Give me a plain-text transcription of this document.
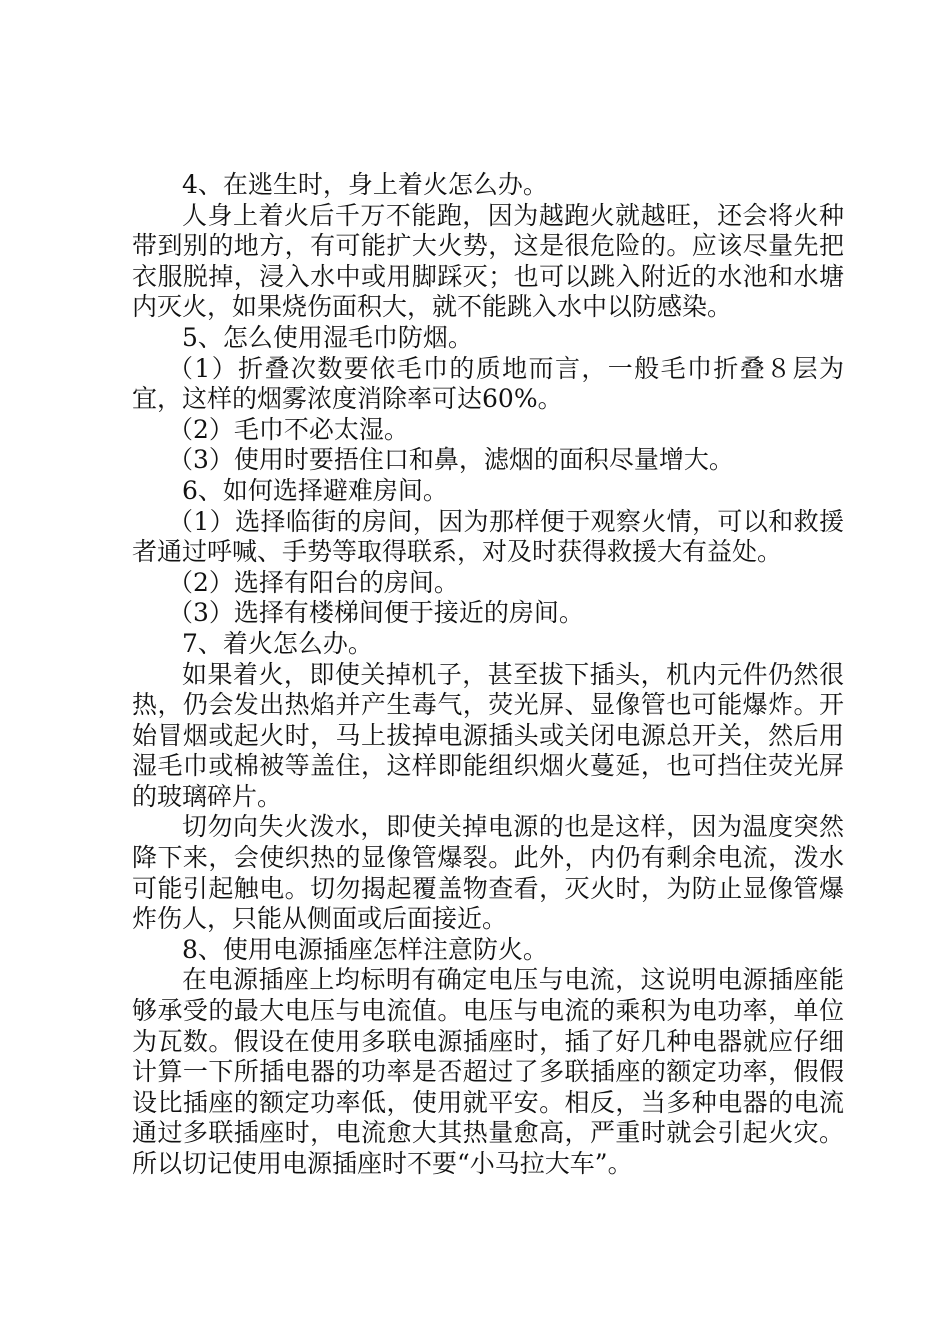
4、在逃生时，身上着火怎么办。

人身上着火后千万不能跑，因为越跑火就越旺，还会将火种带到别的地方，有可能扩大火势，这是很危险的。应该尽量先把衣服脱掉，浸入水中或用脚踩灭；也可以跳入附近的水池和水塘内灭火，如果烧伤面积大，就不能跳入水中以防感染。

5、怎么使用湿毛巾防烟。

（1）折叠次数要依毛巾的质地而言，一般毛巾折叠８层为宜，这样的烟雾浓度消除率可达60%。

（2）毛巾不必太湿。

（3）使用时要捂住口和鼻，滤烟的面积尽量增大。

6、如何选择避难房间。

（1）选择临街的房间，因为那样便于观察火情，可以和救援者通过呼喊、手势等取得联系，对及时获得救援大有益处。

（2）选择有阳台的房间。

（3）选择有楼梯间便于接近的房间。

7、着火怎么办。

如果着火，即使关掉机子，甚至拔下插头，机内元件仍然很热，仍会发出热焰并产生毒气，荧光屏、显像管也可能爆炸。开始冒烟或起火时，马上拔掉电源插头或关闭电源总开关，然后用湿毛巾或棉被等盖住，这样即能组织烟火蔓延，也可挡住荧光屏的玻璃碎片。

切勿向失火泼水，即使关掉电源的也是这样，因为温度突然降下来，会使织热的显像管爆裂。此外，内仍有剩余电流，泼水可能引起触电。切勿揭起覆盖物查看，灭火时，为防止显像管爆炸伤人，只能从侧面或后面接近。

8、使用电源插座怎样注意防火。

在电源插座上均标明有确定电压与电流，这说明电源插座能够承受的最大电压与电流值。电压与电流的乘积为电功率，单位为瓦数。假设在使用多联电源插座时，插了好几种电器就应仔细计算一下所插电器的功率是否超过了多联插座的额定功率，假假设比插座的额定功率低，使用就平安。相反，当多种电器的电流通过多联插座时，电流愈大其热量愈高，严重时就会引起火灾。所以切记使用电源插座时不要“小马拉大车”。
